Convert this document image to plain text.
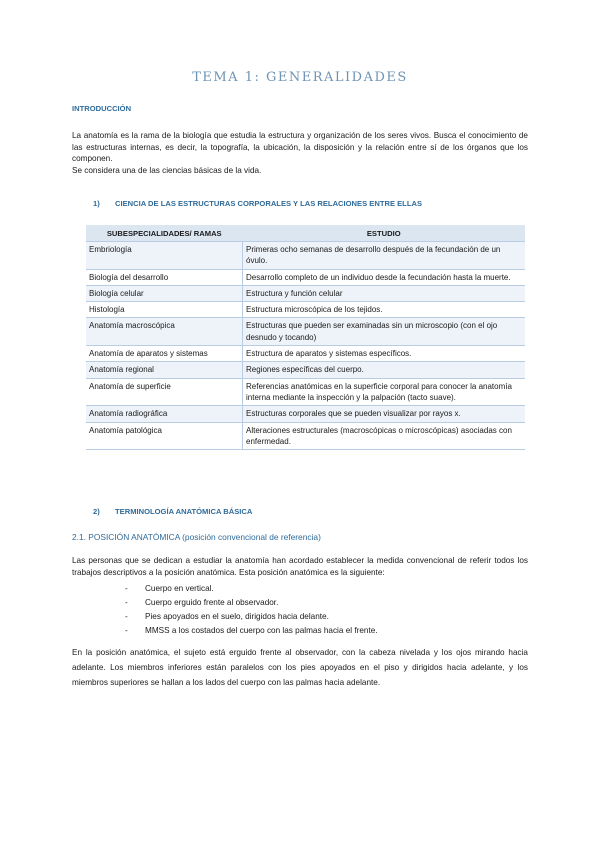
TEMA 1: GENERALIDADES
INTRODUCCIÓN

La anatomía es la rama de la biología que estudia la estructura y organización de los seres vivos. Busca el conocimiento de las estructuras internas, es decir, la topografía, la ubicación, la disposición y la relación entre sí de los órganos que los componen.

Se considera una de las ciencias básicas de la vida.

1) CIENCIA DE LAS ESTRUCTURAS CORPORALES Y LAS RELACIONES ENTRE ELLAS
SUBESPECIALIDADES/ RAMAS	ESTUDIO
Embriología	Primeras ocho semanas de desarrollo después de la fecundación de un óvulo.
Biología del desarrollo	Desarrollo completo de un individuo desde la fecundación hasta la muerte.
Biología celular	Estructura y función celular
Histología	Estructura microscópica de los tejidos.
Anatomía macroscópica	Estructuras que pueden ser examinadas sin un microscopio (con el ojo desnudo y tocando)
Anatomía de aparatos y sistemas	Estructura de aparatos y sistemas específicos.
Anatomía regional	Regiones específicas del cuerpo.
Anatomía de superficie	Referencias anatómicas en la superficie corporal para conocer la anatomía interna mediante la inspección y la palpación (tacto suave).
Anatomía radiográfica	Estructuras corporales que se pueden visualizar por rayos x.
Anatomía patológica	Alteraciones estructurales (macroscópicas o microscópicas) asociadas con enfermedad.
2) TERMINOLOGÍA ANATÓMICA BÁSICA
2.1. POSICIÓN ANATÓMICA (posición convencional de referencia)
Las personas que se dedican a estudiar la anatomía han acordado establecer la medida convencional de referir todos los trabajos descriptivos a la posición anatómica. Esta posición anatómica es la siguiente:
- Cuerpo en vertical.
- Cuerpo erguido frente al observador.
- Pies apoyados en el suelo, dirigidos hacia delante.
- MMSS a los costados del cuerpo con las palmas hacia el frente.
En la posición anatómica, el sujeto está erguido frente al observador, con la cabeza nivelada y los ojos mirando hacia adelante. Los miembros inferiores están paralelos con los pies apoyados en el piso y dirigidos hacia adelante, y los miembros superiores se hallan a los lados del cuerpo con las palmas hacia adelante.
